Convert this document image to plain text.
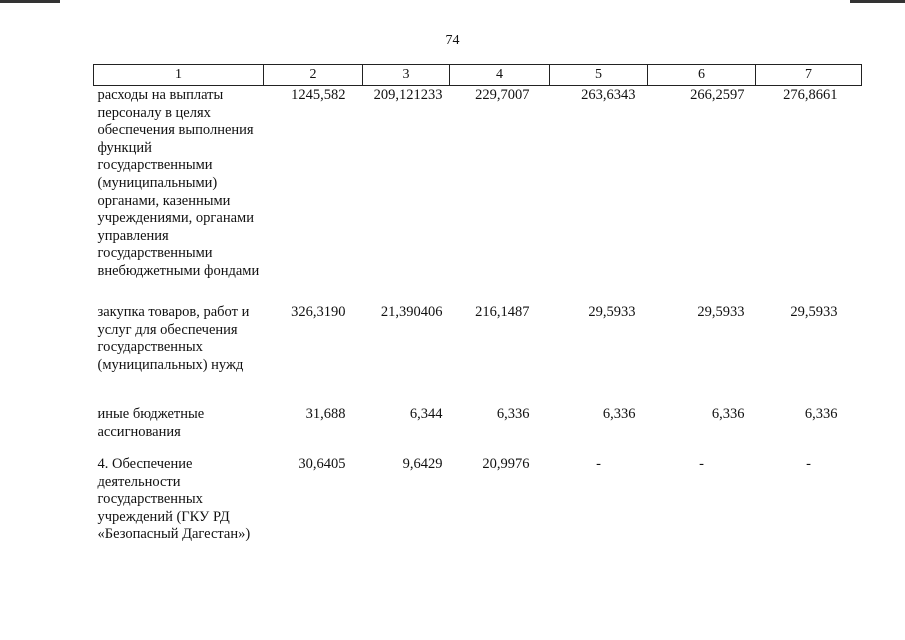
74
1	2	3	4	5	6	7
расходы на выплаты персоналу в целях обеспечения выполнения функций государственными (муниципальными) органами, казенными учреждениями, органами управления государственными внебюджетными фондами	1245,582	209,121233	229,7007	263,6343	266,2597	276,8661
закупка товаров, работ и услуг для обеспечения государственных (муниципальных) нужд	326,3190	21,390406	216,1487	29,5933	29,5933	29,5933
иные бюджетные ассигнования	31,688	6,344	6,336	6,336	6,336	6,336
4. Обеспечение деятельности государственных учреждений (ГКУ РД «Безопасный Дагестан»)	30,6405	9,6429	20,9976	-	-	-
